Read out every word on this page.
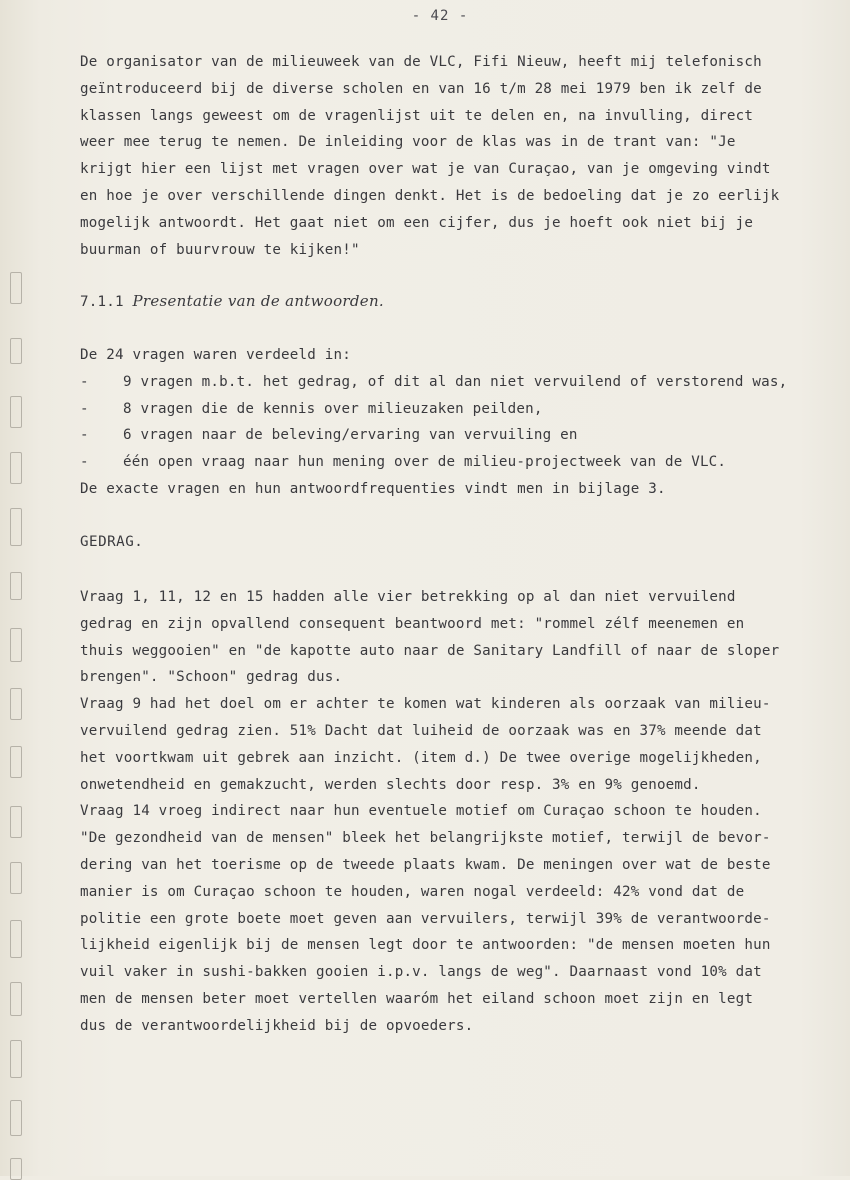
- 42 -
De organisator van de milieuweek van de VLC, Fifi Nieuw, heeft mij telefonisch
geïntroduceerd bij de diverse scholen en van 16 t/m 28 mei 1979 ben ik zelf de
klassen langs geweest om de vragenlijst uit te delen en, na invulling, direct
weer mee terug te nemen. De inleiding voor de klas was in de trant van: "Je
krijgt hier een lijst met vragen over wat je van Curaçao, van je omgeving vindt
en hoe je over verschillende dingen denkt. Het is de bedoeling dat je zo eerlijk
mogelijk antwoordt. Het gaat niet om een cijfer, dus je hoeft ook niet bij je
buurman of buurvrouw te kijken!"
7.1.1 Presentatie van de antwoorden.
De 24 vragen waren verdeeld in:
-	9 vragen m.b.t. het gedrag, of dit al dan niet vervuilend of verstorend was,
-	8 vragen die de kennis over milieuzaken peilden,
-	6 vragen naar de beleving/ervaring van vervuiling en
-	één open vraag naar hun mening over de milieu-projectweek van de VLC.
De exacte vragen en hun antwoordfrequenties vindt men in bijlage 3.
GEDRAG.
Vraag 1, 11, 12 en 15 hadden alle vier betrekking op al dan niet vervuilend
gedrag en zijn opvallend consequent beantwoord met: "rommel zélf meenemen en
thuis weggooien" en "de kapotte auto naar de Sanitary Landfill of naar de sloper
brengen". "Schoon" gedrag dus.
Vraag 9 had het doel om er achter te komen wat kinderen als oorzaak van milieu-
vervuilend gedrag zien. 51% Dacht dat luiheid de oorzaak was en 37% meende dat
het voortkwam uit gebrek aan inzicht. (item d.) De twee overige mogelijkheden,
onwetendheid en gemakzucht, werden slechts door resp. 3% en 9% genoemd.
Vraag 14 vroeg indirect naar hun eventuele motief om Curaçao schoon te houden.
"De gezondheid van de mensen" bleek het belangrijkste motief, terwijl de bevor-
dering van het toerisme op de tweede plaats kwam. De meningen over wat de beste
manier is om Curaçao schoon te houden, waren nogal verdeeld: 42% vond dat de
politie een grote boete moet geven aan vervuilers, terwijl 39% de verantwoorde-
lijkheid eigenlijk bij de mensen legt door te antwoorden: "de mensen moeten hun
vuil vaker in sushi-bakken gooien i.p.v. langs de weg". Daarnaast vond 10% dat
men de mensen beter moet vertellen waaróm het eiland schoon moet zijn en legt
dus de verantwoordelijkheid bij de opvoeders.
